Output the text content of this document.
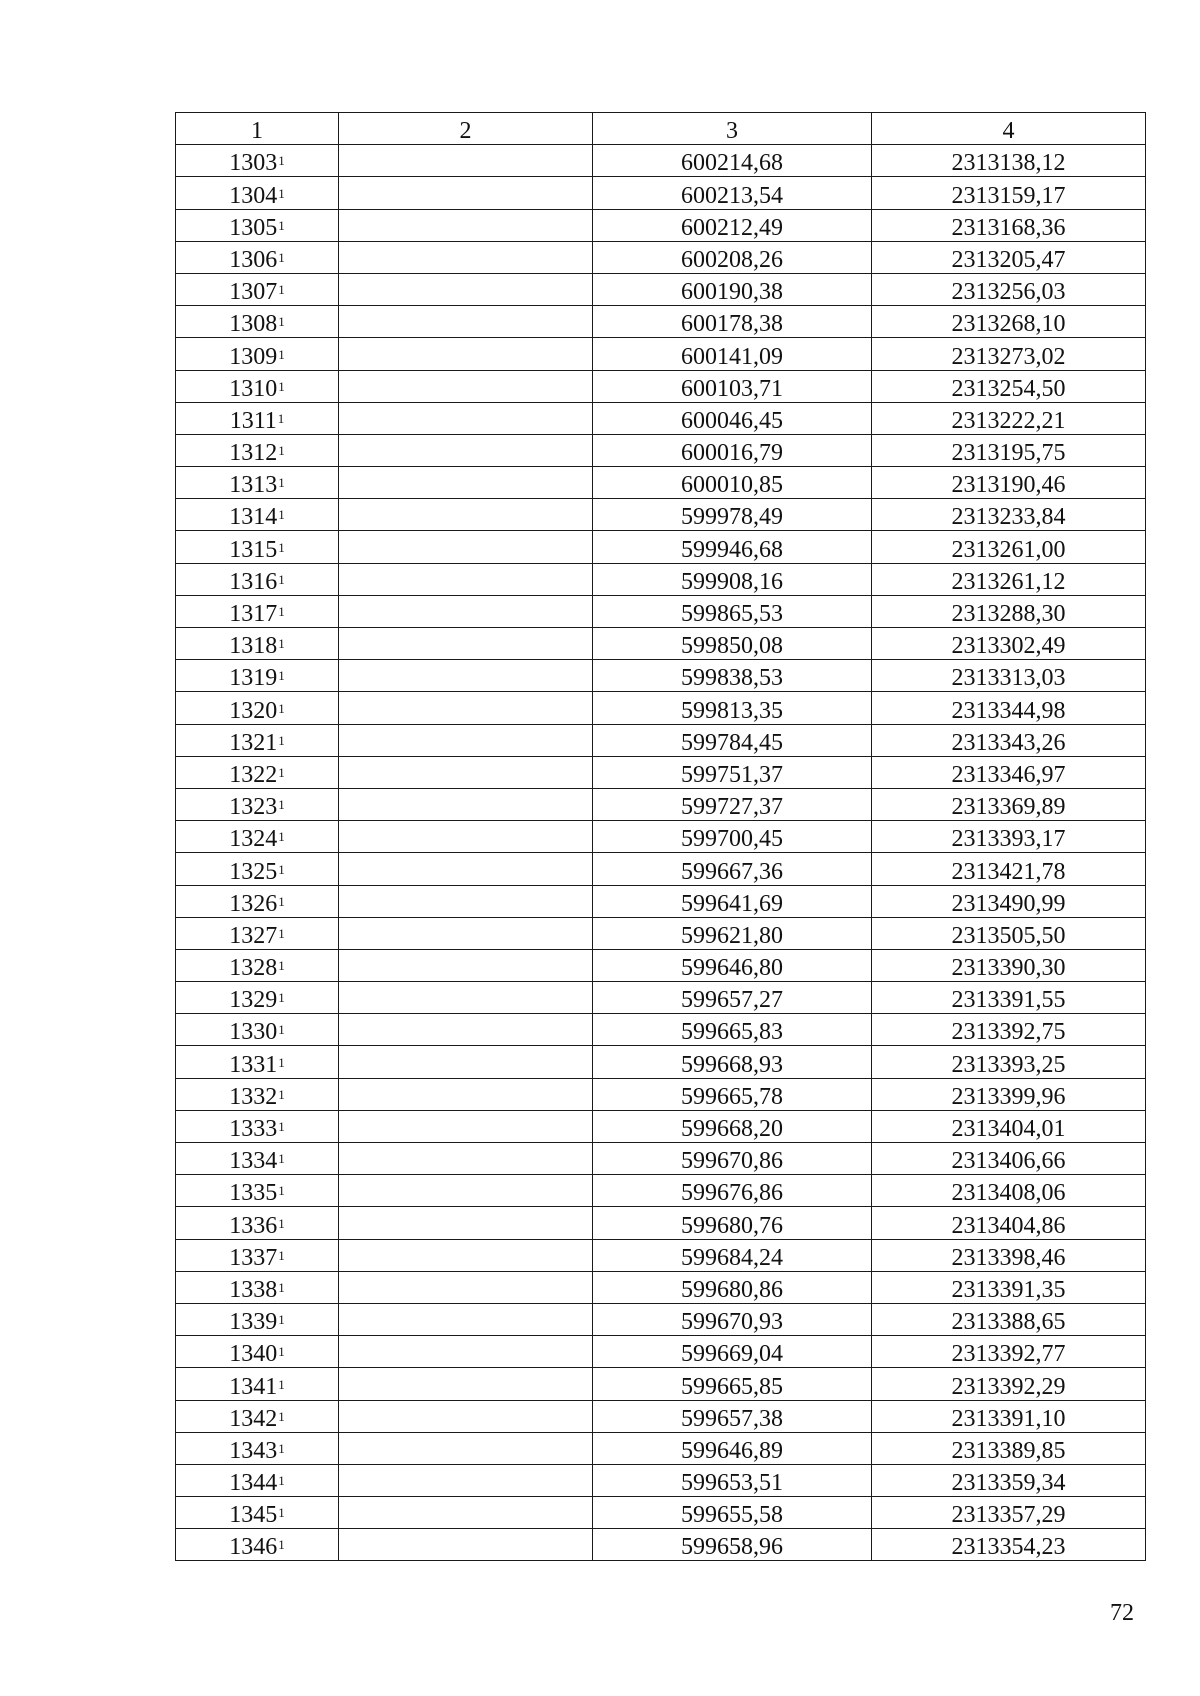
1	2	3	4
1303$^1$		600214,68	2313138,12
1304$^1$		600213,54	2313159,17
1305$^1$		600212,49	2313168,36
1306$^1$		600208,26	2313205,47
1307$^1$		600190,38	2313256,03
1308$^1$		600178,38	2313268,10
1309$^1$		600141,09	2313273,02
1310$^1$		600103,71	2313254,50
1311$^1$		600046,45	2313222,21
1312$^1$		600016,79	2313195,75
1313$^1$		600010,85	2313190,46
1314$^1$		599978,49	2313233,84
1315$^1$		599946,68	2313261,00
1316$^1$		599908,16	2313261,12
1317$^1$		599865,53	2313288,30
1318$^1$		599850,08	2313302,49
1319$^1$		599838,53	2313313,03
1320$^1$		599813,35	2313344,98
1321$^1$		599784,45	2313343,26
1322$^1$		599751,37	2313346,97
1323$^1$		599727,37	2313369,89
1324$^1$		599700,45	2313393,17
1325$^1$		599667,36	2313421,78
1326$^1$		599641,69	2313490,99
1327$^1$		599621,80	2313505,50
1328$^1$		599646,80	2313390,30
1329$^1$		599657,27	2313391,55
1330$^1$		599665,83	2313392,75
1331$^1$		599668,93	2313393,25
1332$^1$		599665,78	2313399,96
1333$^1$		599668,20	2313404,01
1334$^1$		599670,86	2313406,66
1335$^1$		599676,86	2313408,06
1336$^1$		599680,76	2313404,86
1337$^1$		599684,24	2313398,46
1338$^1$		599680,86	2313391,35
1339$^1$		599670,93	2313388,65
1340$^1$		599669,04	2313392,77
1341$^1$		599665,85	2313392,29
1342$^1$		599657,38	2313391,10
1343$^1$		599646,89	2313389,85
1344$^1$		599653,51	2313359,34
1345$^1$		599655,58	2313357,29
1346$^1$		599658,96	2313354,23
72
